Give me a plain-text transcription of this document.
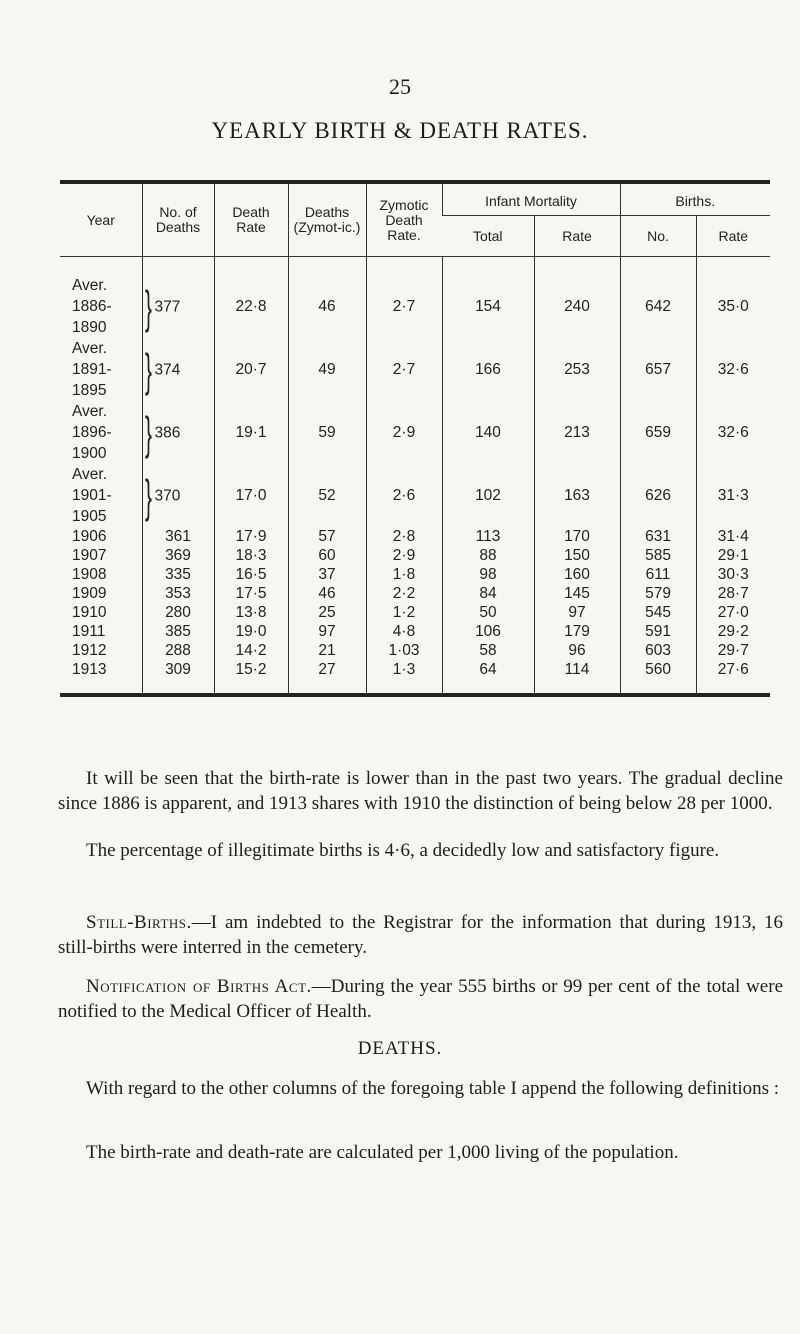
25
YEARLY BIRTH & DEATH RATES.
Year	No. of Deaths	Death Rate	Deaths (Zymot-ic.)	Zymotic Death Rate.	Infant Mortality		Births.	
					Total	Rate	No.	Rate

Aver.
1886-
1890	} 377	22·8	46	2·7	154	240	642	35·0

Aver.
1891-
1895	} 374	20·7	49	2·7	166	253	657	32·6

Aver.
1896-
1900	} 386	19·1	59	2·9	140	213	659	32·6

Aver.
1901-
1905	} 370	17·0	52	2·6	102	163	626	31·3
1906	361	17·9	57	2·8	113	170	631	31·4
1907	369	18·3	60	2·9	88	150	585	29·1
1908	335	16·5	37	1·8	98	160	611	30·3
1909	353	17·5	46	2·2	84	145	579	28·7
1910	280	13·8	25	1·2	50	97	545	27·0
1911	385	19·0	97	4·8	106	179	591	29·2
1912	288	14·2	21	1·03	58	96	603	29·7
1913	309	15·2	27	1·3	64	114	560	27·6

It will be seen that the birth-rate is lower than in the past two years. The gradual decline since 1886 is apparent, and 1913 shares with 1910 the distinction of being below 28 per 1000.

The percentage of illegitimate births is 4·6, a decidedly low and satisfactory figure.

Still-Births.—I am indebted to the Registrar for the information that during 1913, 16 still-births were interred in the cemetery.

Notification of Births Act.—During the year 555 births or 99 per cent of the total were notified to the Medical Officer of Health.

DEATHS.

With regard to the other columns of the foregoing table I append the following definitions :

The birth-rate and death-rate are calculated per 1,000 living of the population.
